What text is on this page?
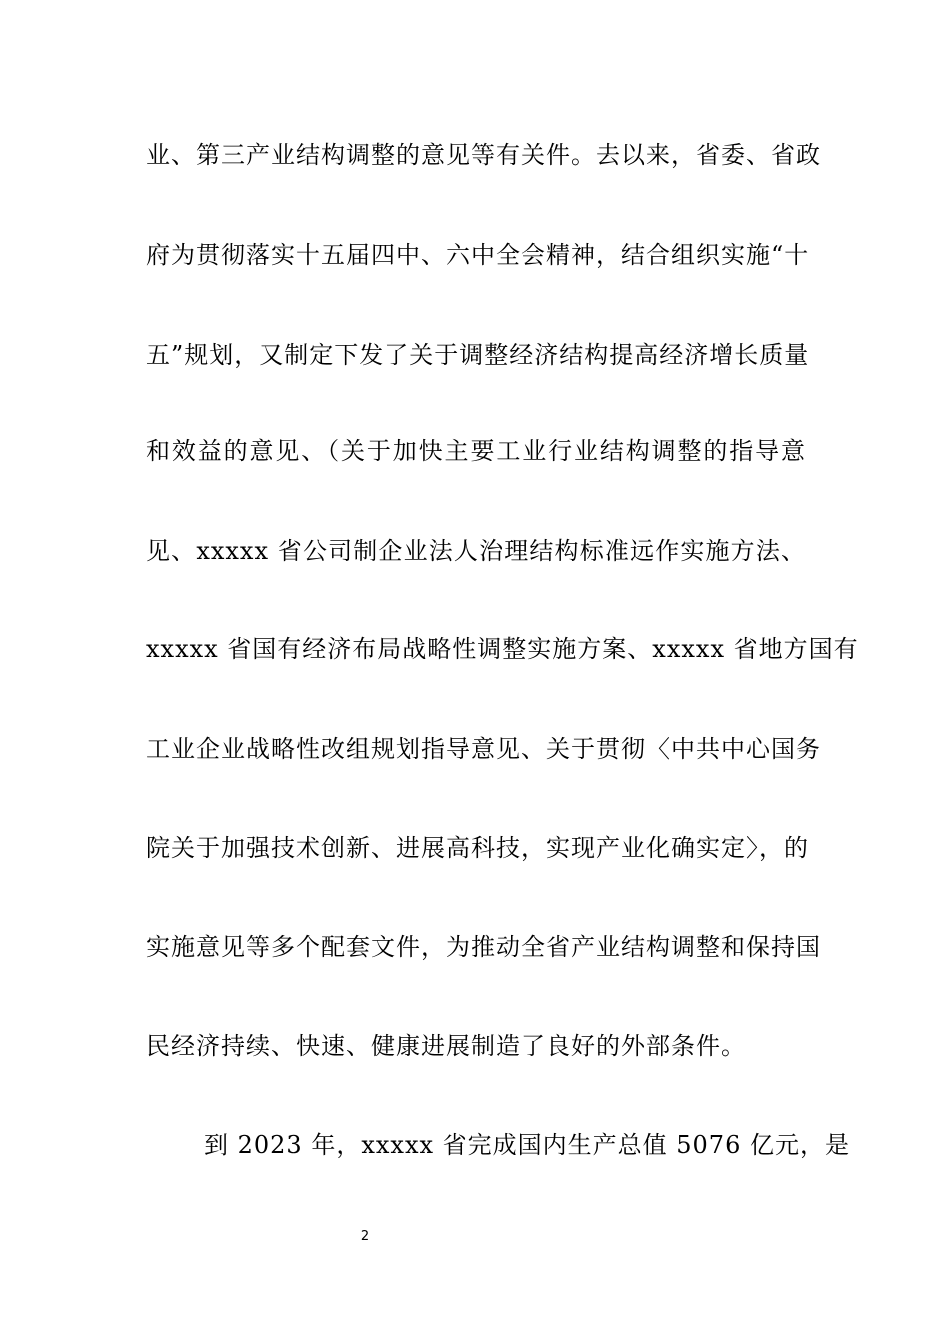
业、第三产业结构调整的意见等有关件。去以来，省委、省政
府为贯彻落实十五届四中、六中全会精神，结合组织实施“十
五”规划，又制定下发了关于调整经济结构提高经济增长质量
和效益的意见、（关于加快主要工业行业结构调整的指导意
见、xxxxx 省公司制企业法人治理结构标准远作实施方法、
xxxxx 省国有经济布局战略性调整实施方案、xxxxx 省地方国有
工业企业战略性改组规划指导意见、关于贯彻〈中共中心国务
院关于加强技术创新、进展高科技，实现产业化确实定〉，的
实施意见等多个配套文件，为推动全省产业结构调整和保持国
民经济持续、快速、健康进展制造了良好的外部条件。
到 2023 年，xxxxx 省完成国内生产总值 5076 亿元，是
2
